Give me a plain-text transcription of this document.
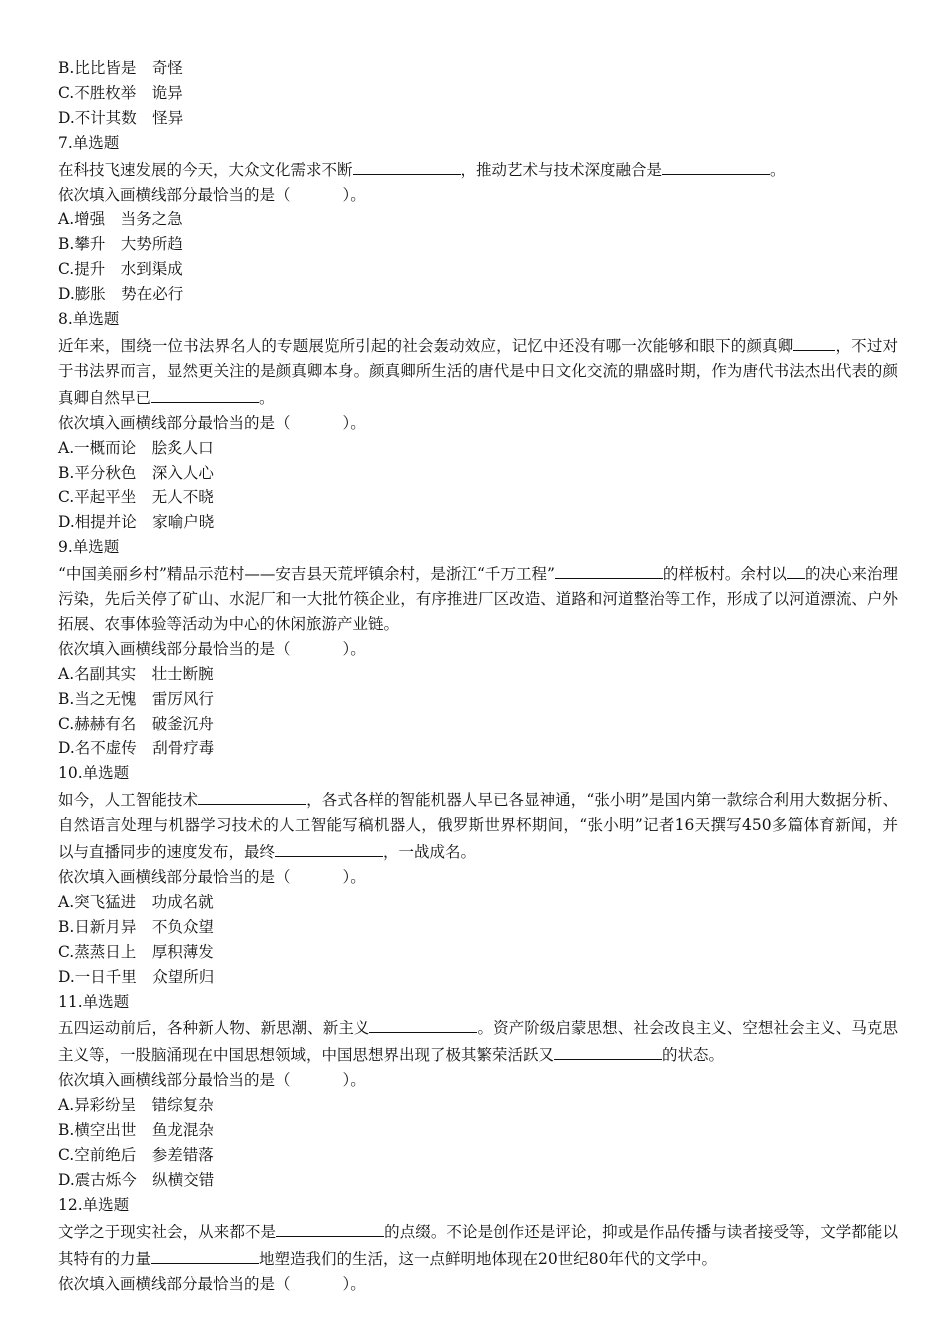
B.比比皆是　奇怪
C.不胜枚举　诡异
D.不计其数　怪异
7.单选题
在科技飞速发展的今天，大众文化需求不断	，推动艺术与技术深度融合是	。
依次填入画横线部分最恰当的是（	）。
A.增强　当务之急
B.攀升　大势所趋
C.提升　水到渠成
D.膨胀　势在必行
8.单选题
近年来，围绕一位书法界名人的专题展览所引起的社会轰动效应，记忆中还没有哪一次能够和眼下的颜真卿	，不过对于书法界而言，显然更关注的是颜真卿本身。颜真卿所生活的唐代是中日文化交流的鼎盛时期，作为唐代书法杰出代表的颜真卿自然早已	。
依次填入画横线部分最恰当的是（	）。
A.一概而论　脍炙人口
B.平分秋色　深入人心
C.平起平坐　无人不晓
D.相提并论　家喻户晓
9.单选题
“中国美丽乡村”精品示范村——安吉县天荒坪镇余村，是浙江“千万工程”	的样板村。余村以 的决心来治理污染，先后关停了矿山、水泥厂和一大批竹筷企业，有序推进厂区改造、道路和河道整治等工作，形成了以河道漂流、户外拓展、农事体验等活动为中心的休闲旅游产业链。
依次填入画横线部分最恰当的是（	）。
A.名副其实　壮士断腕
B.当之无愧　雷厉风行
C.赫赫有名　破釜沉舟
D.名不虚传　刮骨疗毒
10.单选题
如今，人工智能技术	，各式各样的智能机器人早已各显神通，“张小明”是国内第一款综合利用大数据分析、自然语言处理与机器学习技术的人工智能写稿机器人，俄罗斯世界杯期间，“张小明”记者16天撰写450多篇体育新闻，并以与直播同步的速度发布，最终	，一战成名。
依次填入画横线部分最恰当的是（	）。
A.突飞猛进　功成名就
B.日新月异　不负众望
C.蒸蒸日上　厚积薄发
D.一日千里　众望所归
11.单选题
五四运动前后，各种新人物、新思潮、新主义	。资产阶级启蒙思想、社会改良主义、空想社会主义、马克思主义等，一股脑涌现在中国思想领域，中国思想界出现了极其繁荣活跃又	的状态。
依次填入画横线部分最恰当的是（	）。
A.异彩纷呈　错综复杂
B.横空出世　鱼龙混杂
C.空前绝后　参差错落
D.震古烁今　纵横交错
12.单选题
文学之于现实社会，从来都不是	的点缀。不论是创作还是评论，抑或是作品传播与读者接受等，文学都能以其特有的力量	地塑造我们的生活，这一点鲜明地体现在20世纪80年代的文学中。
依次填入画横线部分最恰当的是（	）。
